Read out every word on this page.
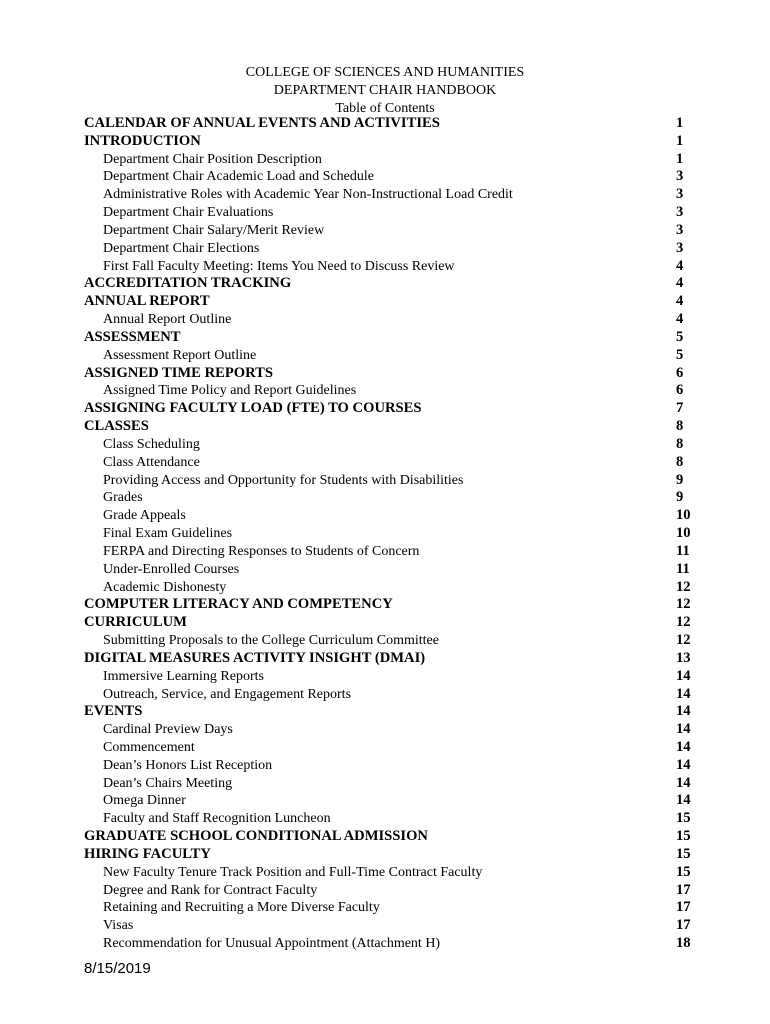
COLLEGE OF SCIENCES AND HUMANITIES
DEPARTMENT CHAIR HANDBOOK
Table of Contents
CALENDAR OF ANNUAL EVENTS AND ACTIVITIES	1
INTRODUCTION	1
Department Chair Position Description	1
Department Chair Academic Load and Schedule	3
Administrative Roles with Academic Year Non-Instructional Load Credit	3
Department Chair Evaluations	3
Department Chair Salary/Merit Review	3
Department Chair Elections	3
First Fall Faculty Meeting: Items You Need to Discuss Review	4
ACCREDITATION TRACKING	4
ANNUAL REPORT	4
Annual Report Outline	4
ASSESSMENT	5
Assessment Report Outline	5
ASSIGNED TIME REPORTS	6
Assigned Time Policy and Report Guidelines	6
ASSIGNING FACULTY LOAD (FTE) TO COURSES	7
CLASSES	8
Class Scheduling	8
Class Attendance	8
Providing Access and Opportunity for Students with Disabilities	9
Grades	9
Grade Appeals	10
Final Exam Guidelines	10
FERPA and Directing Responses to Students of Concern	11
Under-Enrolled Courses	11
Academic Dishonesty	12
COMPUTER LITERACY AND COMPETENCY	12
CURRICULUM	12
Submitting Proposals to the College Curriculum Committee	12
DIGITAL MEASURES ACTIVITY INSIGHT (DMAI)	13
Immersive Learning Reports	14
Outreach, Service, and Engagement Reports	14
EVENTS	14
Cardinal Preview Days	14
Commencement	14
Dean’s Honors List Reception	14
Dean’s Chairs Meeting	14
Omega Dinner	14
Faculty and Staff Recognition Luncheon	15
GRADUATE SCHOOL CONDITIONAL ADMISSION	15
HIRING FACULTY	15
New Faculty Tenure Track Position and Full-Time Contract Faculty	15
Degree and Rank for Contract Faculty	17
Retaining and Recruiting a More Diverse Faculty	17
Visas	17
Recommendation for Unusual Appointment (Attachment H)	18
8/15/2019
